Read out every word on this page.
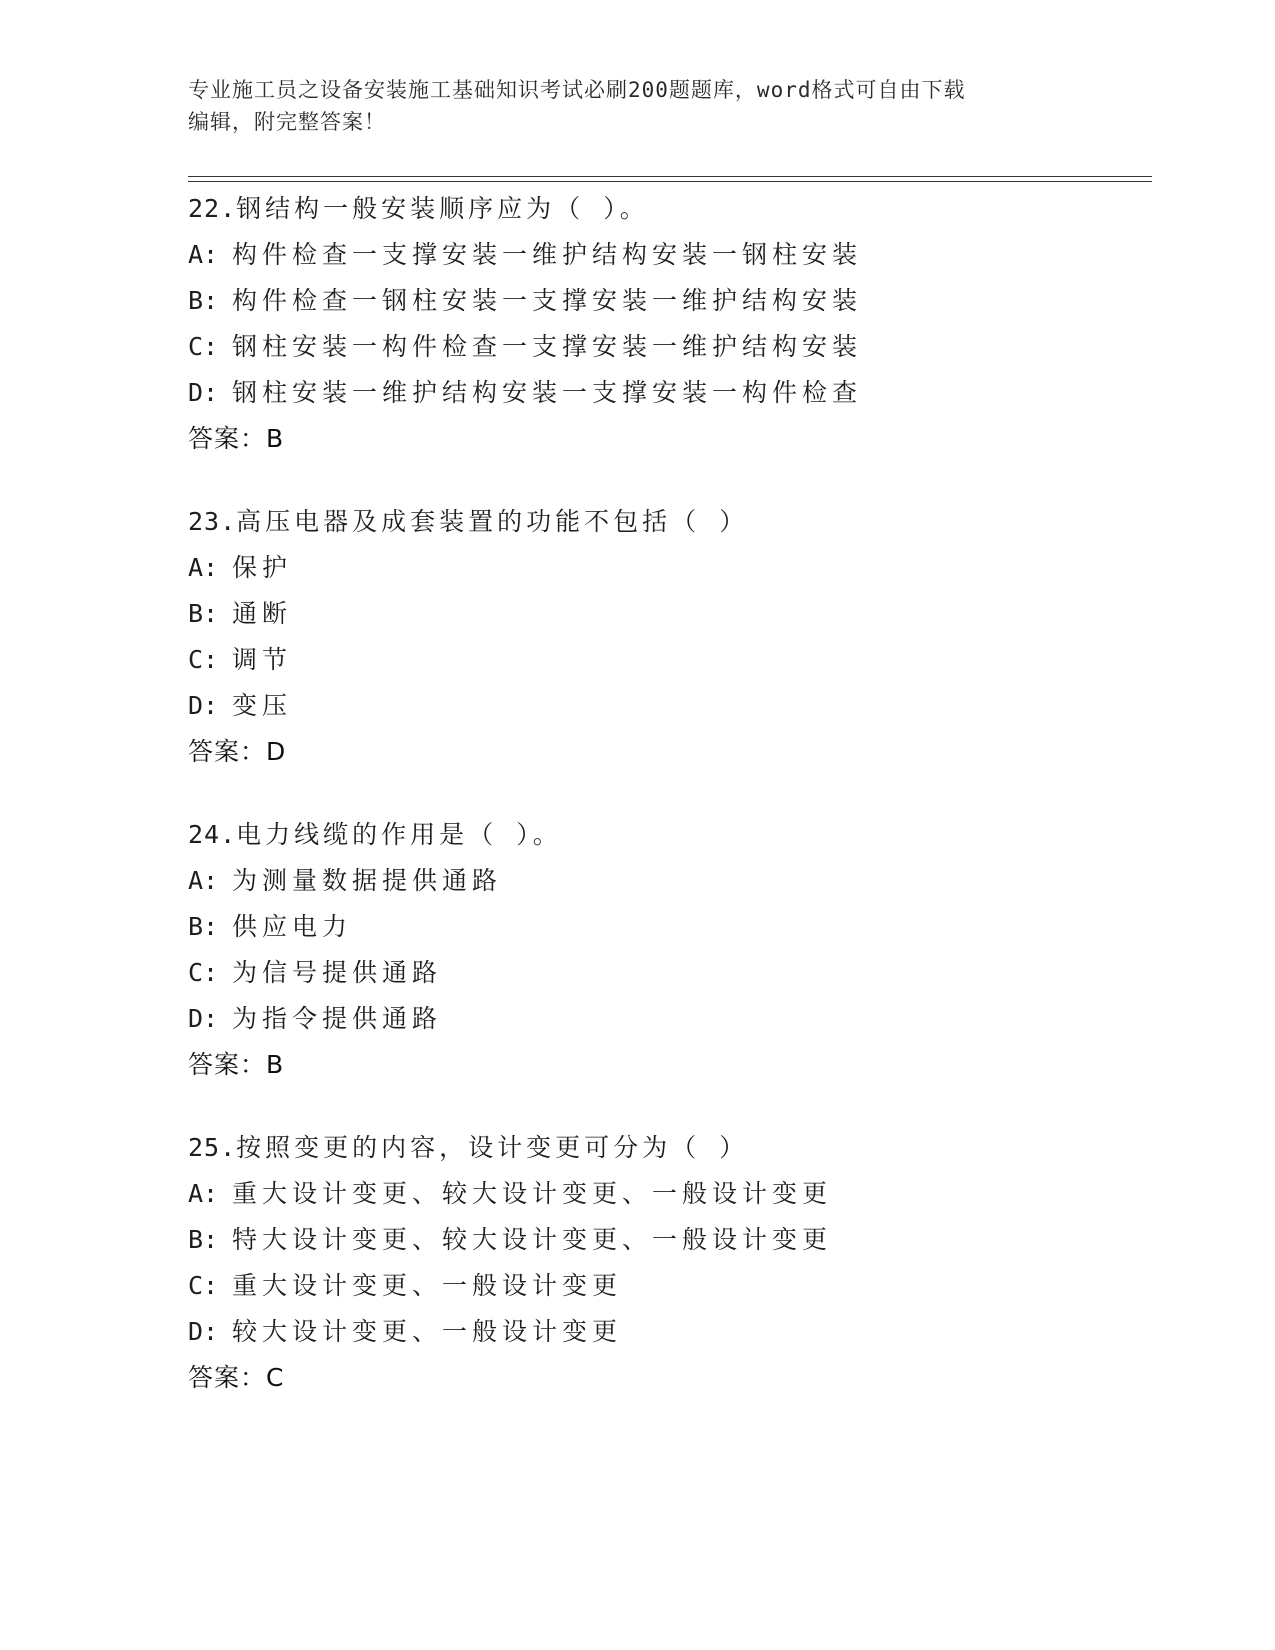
专业施工员之设备安装施工基础知识考试必刷200题题库，word格式可自由下载
编辑，附完整答案！
22.钢结构一般安装顺序应为（ ）。
A: 构件检查一支撑安装一维护结构安装一钢柱安装
B: 构件检查一钢柱安装一支撑安装一维护结构安装
C: 钢柱安装一构件检查一支撑安装一维护结构安装
D: 钢柱安装一维护结构安装一支撑安装一构件检查
答案：B
23.高压电器及成套装置的功能不包括（ ）
A: 保护
B: 通断
C: 调节
D: 变压
答案：D
24.电力线缆的作用是（ ）。
A: 为测量数据提供通路
B: 供应电力
C: 为信号提供通路
D: 为指令提供通路
答案：B
25.按照变更的内容，设计变更可分为（ ）
A: 重大设计变更、较大设计变更、一般设计变更
B: 特大设计变更、较大设计变更、一般设计变更
C: 重大设计变更、一般设计变更
D: 较大设计变更、一般设计变更
答案：C
